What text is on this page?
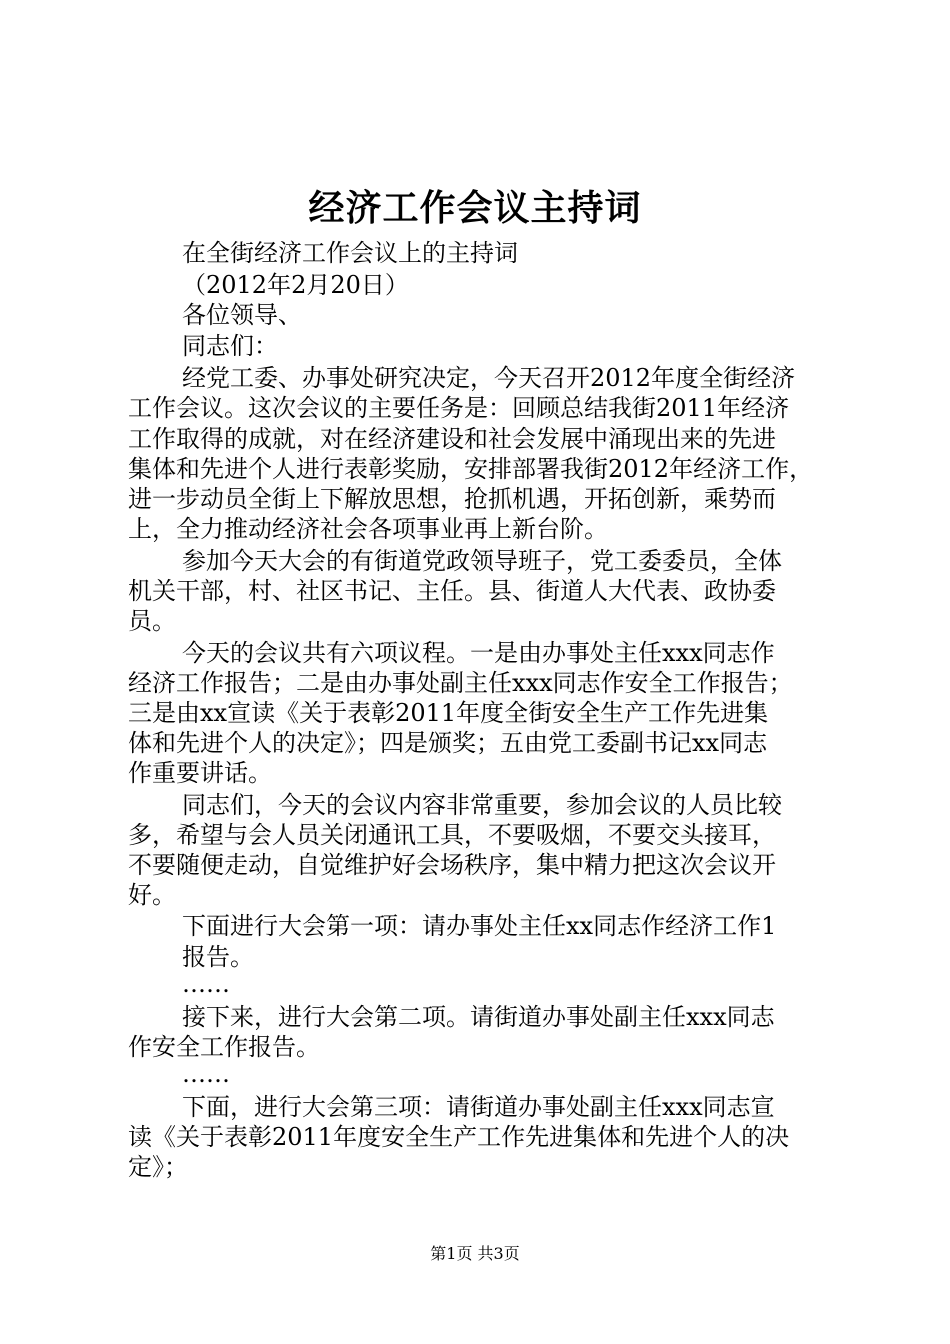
经济工作会议主持词
在全街经济工作会议上的主持词
（2012年2月20日）
各位领导、
同志们：
经党工委、办事处研究决定，今天召开2012年度全街经济
工作会议。这次会议的主要任务是：回顾总结我街2011年经济
工作取得的成就，对在经济建设和社会发展中涌现出来的先进
集体和先进个人进行表彰奖励，安排部署我街2012年经济工作，
进一步动员全街上下解放思想，抢抓机遇，开拓创新，乘势而
上，全力推动经济社会各项事业再上新台阶。
参加今天大会的有街道党政领导班子，党工委委员，全体
机关干部，村、社区书记、主任。县、街道人大代表、政协委
员。
今天的会议共有六项议程。一是由办事处主任xxx同志作
经济工作报告；二是由办事处副主任xxx同志作安全工作报告；
三是由xx宣读《关于表彰2011年度全街安全生产工作先进集
体和先进个人的决定》；四是颁奖；五由党工委副书记xx同志
作重要讲话。
同志们，今天的会议内容非常重要，参加会议的人员比较
多，希望与会人员关闭通讯工具，不要吸烟，不要交头接耳，
不要随便走动，自觉维护好会场秩序，集中精力把这次会议开
好。
下面进行大会第一项：请办事处主任xx同志作经济工作1
报告。
……
接下来，进行大会第二项。请街道办事处副主任xxx同志
作安全工作报告。
……
下面，进行大会第三项：请街道办事处副主任xxx同志宣
读《关于表彰2011年度安全生产工作先进集体和先进个人的决
定》；
第1页 共3页
